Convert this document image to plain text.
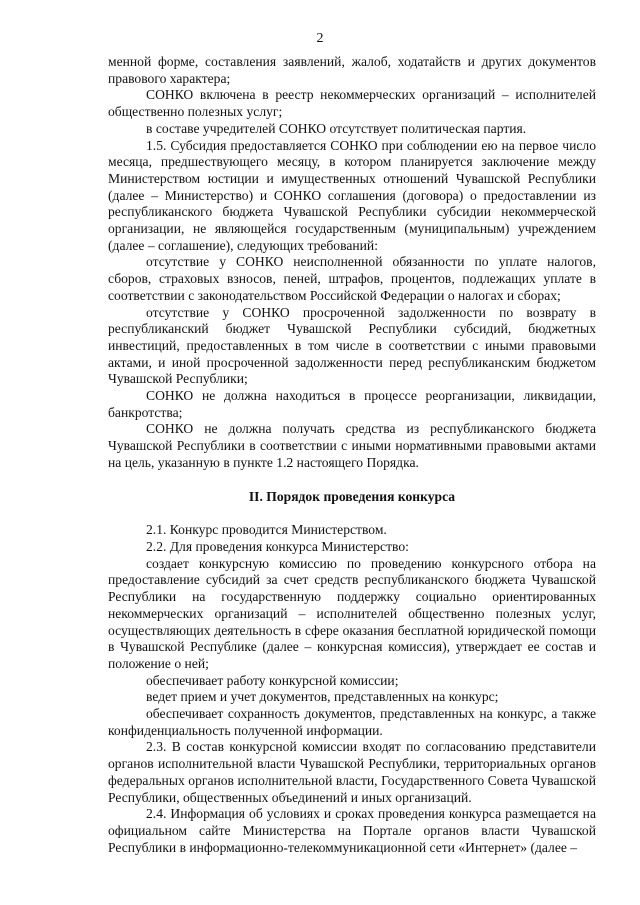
2

менной форме, составления заявлений, жалоб, ходатайств и других документов правового характера;

СОНКО включена в реестр некоммерческих организаций – исполнителей общественно полезных услуг;

в составе учредителей СОНКО отсутствует политическая партия.

1.5. Субсидия предоставляется СОНКО при соблюдении ею на первое число месяца, предшествующего месяцу, в котором планируется заключение между Министерством юстиции и имущественных отношений Чувашской Республики (далее – Министерство) и СОНКО соглашения (договора) о предоставлении из республиканского бюджета Чувашской Республики субсидии некоммерческой организации, не являющейся государственным (муниципальным) учреждением (далее – соглашение), следующих требований:

отсутствие у СОНКО неисполненной обязанности по уплате налогов, сборов, страховых взносов, пеней, штрафов, процентов, подлежащих уплате в соответствии с законодательством Российской Федерации о налогах и сборах;

отсутствие у СОНКО просроченной задолженности по возврату в республиканский бюджет Чувашской Республики субсидий, бюджетных инвестиций, предоставленных в том числе в соответствии с иными правовыми актами, и иной просроченной задолженности перед республиканским бюджетом Чувашской Республики;

СОНКО не должна находиться в процессе реорганизации, ликвидации, банкротства;

СОНКО не должна получать средства из республиканского бюджета Чувашской Республики в соответствии с иными нормативными правовыми актами на цель, указанную в пункте 1.2 настоящего Порядка.

II. Порядок проведения конкурса

2.1. Конкурс проводится Министерством.

2.2. Для проведения конкурса Министерство:

создает конкурсную комиссию по проведению конкурсного отбора на предоставление субсидий за счет средств республиканского бюджета Чувашской Республики на государственную поддержку социально ориентированных некоммерческих организаций – исполнителей общественно полезных услуг, осуществляющих деятельность в сфере оказания бесплатной юридической помощи в Чувашской Республике (далее – конкурсная комиссия), утверждает ее состав и положение о ней;

обеспечивает работу конкурсной комиссии;

ведет прием и учет документов, представленных на конкурс;

обеспечивает сохранность документов, представленных на конкурс, а также конфиденциальность полученной информации.

2.3. В состав конкурсной комиссии входят по согласованию представители органов исполнительной власти Чувашской Республики, территориальных органов федеральных органов исполнительной власти, Государственного Совета Чувашской Республики, общественных объединений и иных организаций.

2.4. Информация об условиях и сроках проведения конкурса размещается на официальном сайте Министерства на Портале органов власти Чувашской Республики в информационно-телекоммуникационной сети «Интернет» (далее –
